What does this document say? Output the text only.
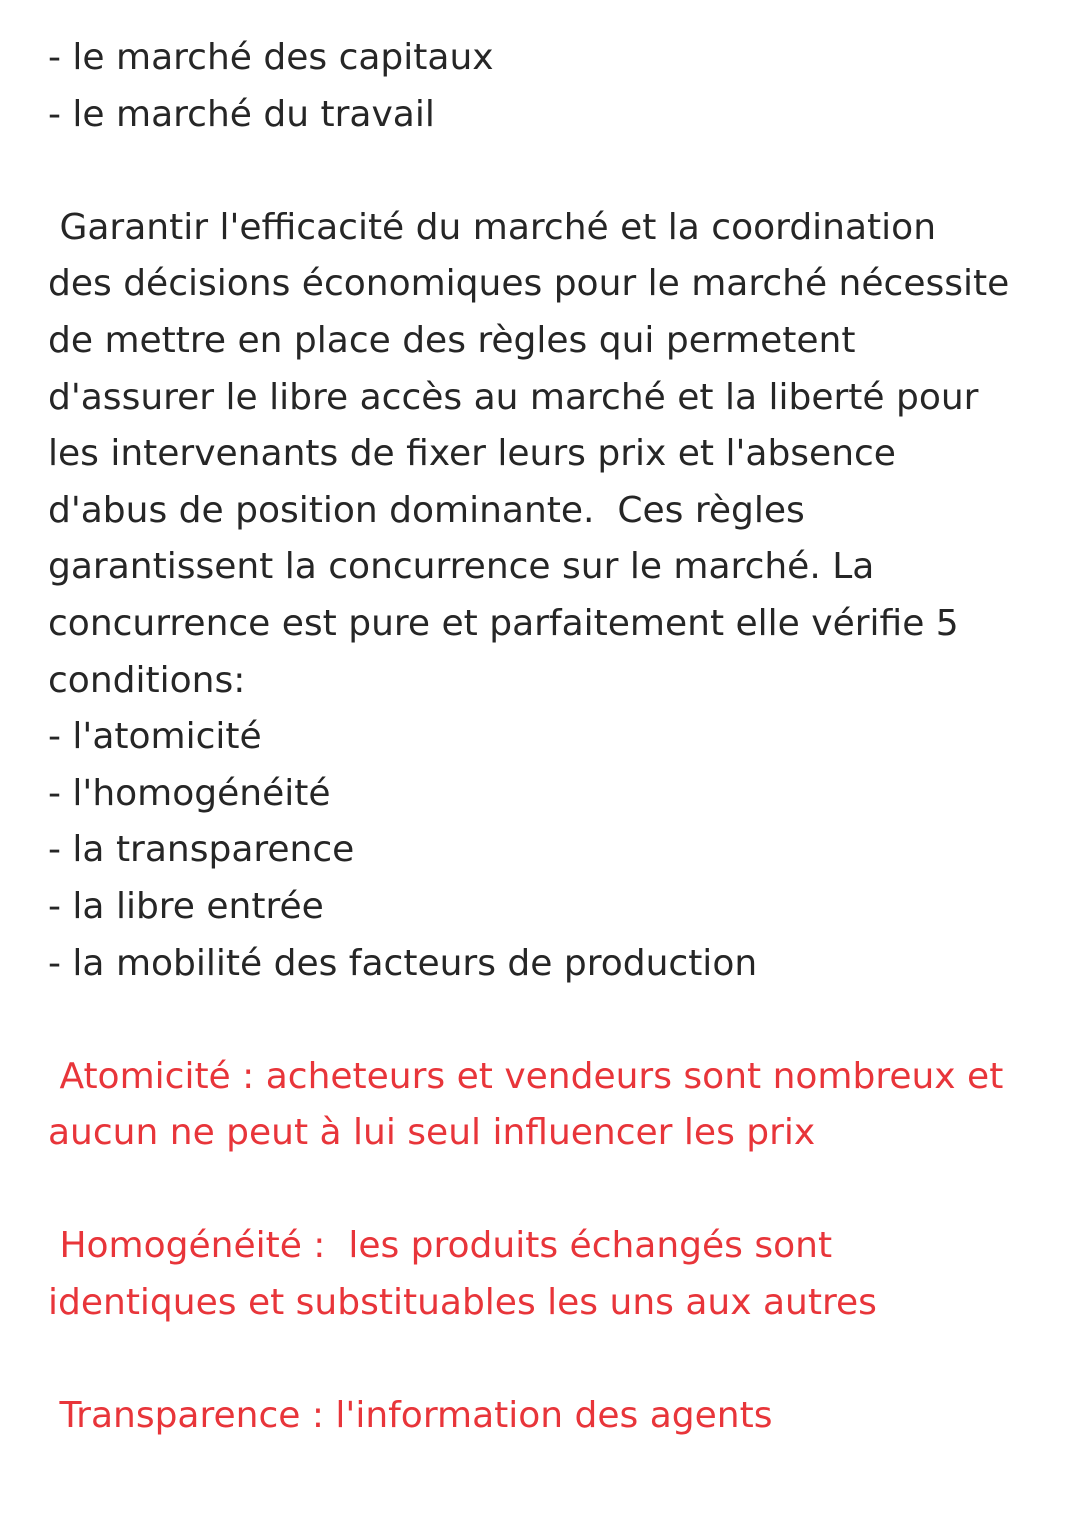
- le marché des capitaux
- le marché du travail
Garantir l'efficacité du marché et la coordination
des décisions économiques pour le marché nécessite
de mettre en place des règles qui permetent
d'assurer le libre accès au marché et la liberté pour
les intervenants de fixer leurs prix et l'absence
d'abus de position dominante.  Ces règles
garantissent la concurrence sur le marché. La
concurrence est pure et parfaitement elle vérifie 5
conditions:
- l'atomicité
- l'homogénéité
- la transparence
- la libre entrée
- la mobilité des facteurs de production
Atomicité : acheteurs et vendeurs sont nombreux et
aucun ne peut à lui seul influencer les prix
Homogénéité :  les produits échangés sont
identiques et substituables les uns aux autres
Transparence : l'information des agents
